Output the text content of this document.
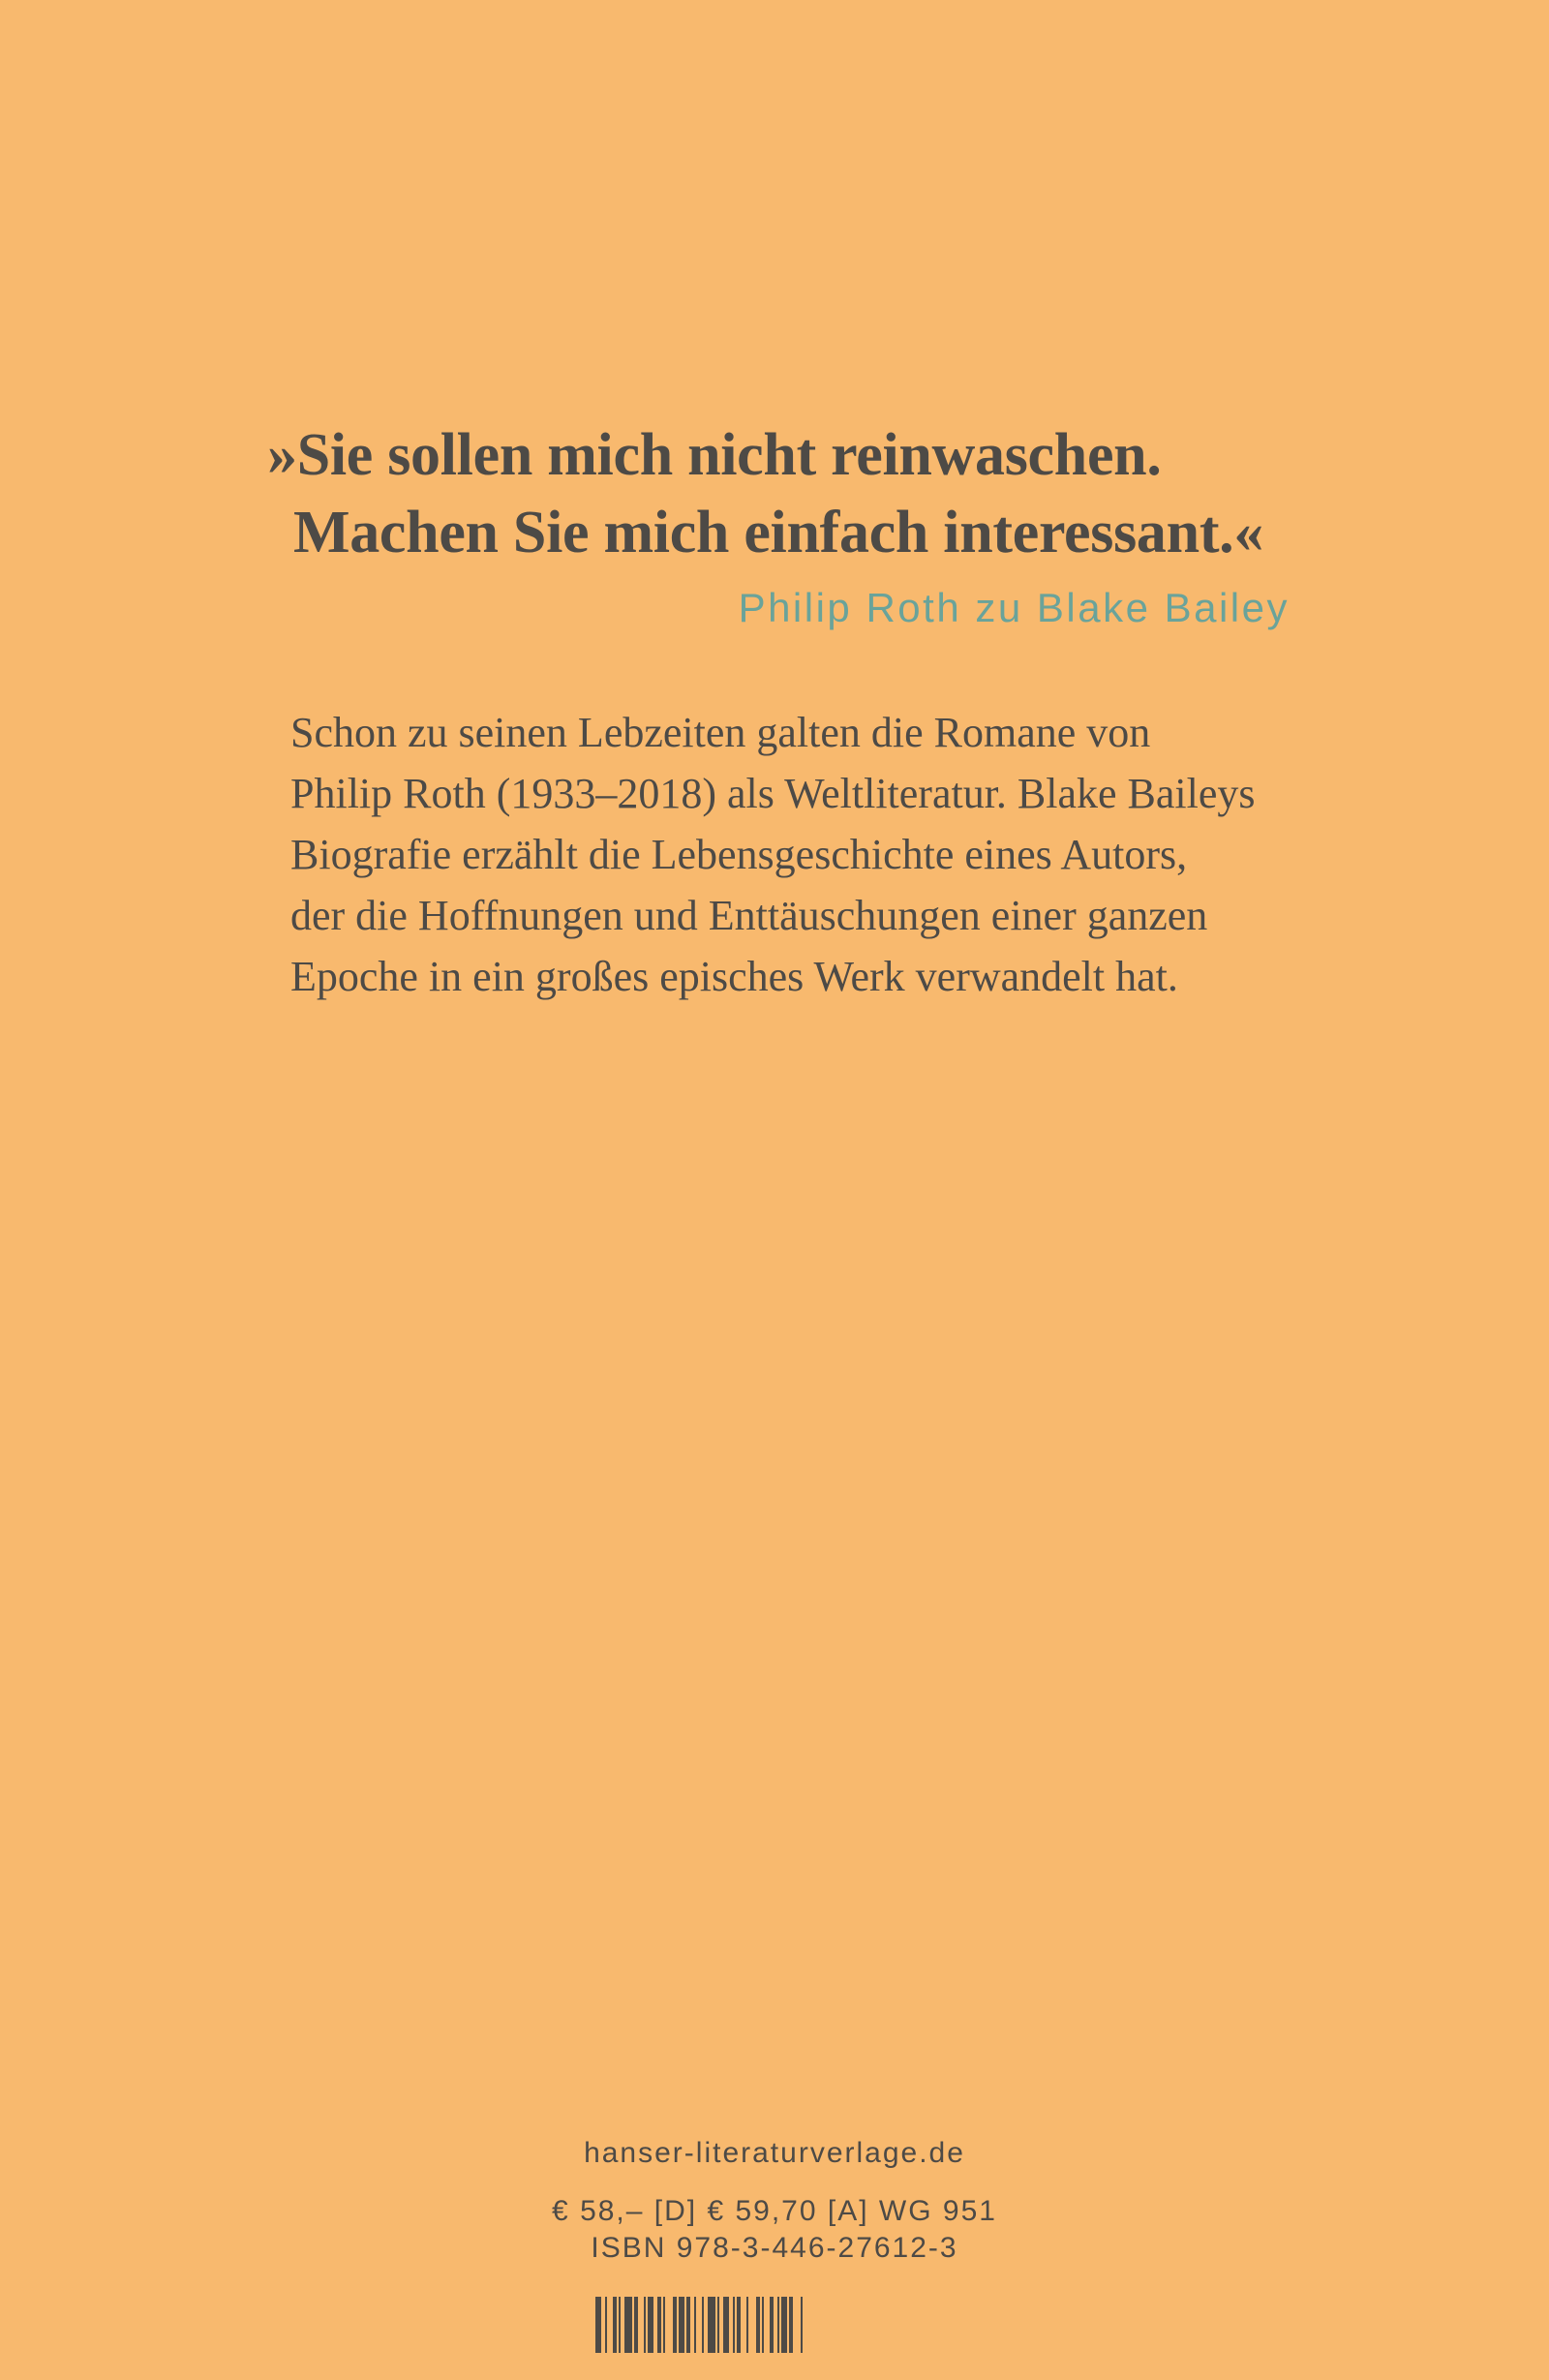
»Sie sollen mich nicht reinwaschen.
Machen Sie mich einfach interessant.«
Philip Roth zu Blake Bailey
Schon zu seinen Lebzeiten galten die Romane von
Philip Roth (1933–2018) als Weltliteratur. Blake Baileys
Biografie erzählt die Lebensgeschichte eines Autors,
der die Hoffnungen und Enttäuschungen einer ganzen
Epoche in ein großes episches Werk verwandelt hat.
hanser-literaturverlage.de
€ 58,– [D] € 59,70 [A] WG 951
ISBN 978-3-446-27612-3
